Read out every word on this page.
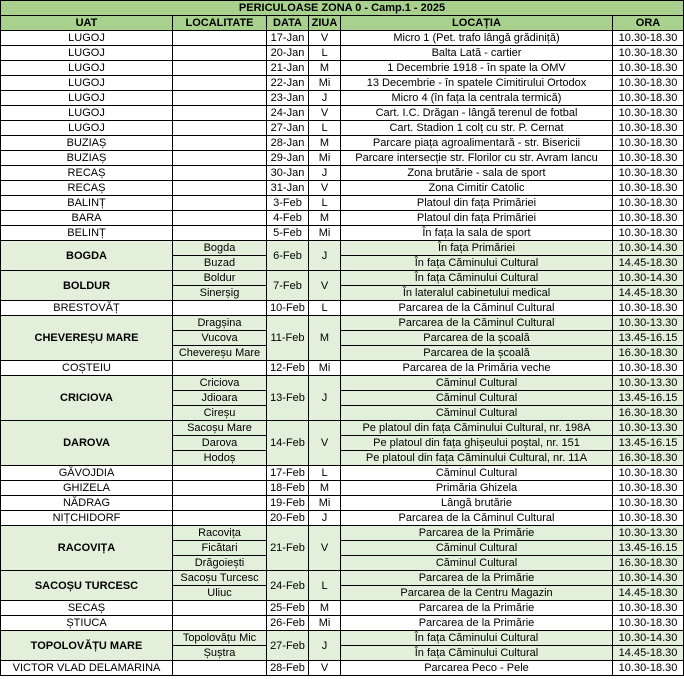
PERICULOASE ZONA 0 - Camp.1 - 2025					
UAT	LOCALITATE	DATA	ZIUA	LOCAȚIA	ORA
LUGOJ		17-Jan	V	Micro 1 (Pet. trafo lângă grădiniță)	10.30-18.30
LUGOJ		20-Jan	L	Balta Lată - cartier	10.30-18.30
LUGOJ		21-Jan	M	1 Decembrie 1918 - în spate la OMV	10.30-18.30
LUGOJ		22-Jan	Mi	13 Decembrie - în spatele Cimitirului Ortodox	10.30-18.30
LUGOJ		23-Jan	J	Micro 4 (în fața la centrala termică)	10.30-18.30
LUGOJ		24-Jan	V	Cart. I.C. Drăgan - lângă terenul de fotbal	10.30-18.30
LUGOJ		27-Jan	L	Cart. Stadion 1 colț cu str. P. Cernat	10.30-18.30
BUZIAȘ		28-Jan	M	Parcare piața agroalimentară - str. Bisericii	10.30-18.30
BUZIAȘ		29-Jan	Mi	Parcare intersecție str. Florilor cu str. Avram Iancu	10.30-18.30
RECAȘ		30-Jan	J	Zona brutărie - sala de sport	10.30-18.30
RECAȘ		31-Jan	V	Zona Cimitir Catolic	10.30-18.30
BALINȚ		3-Feb	L	Platoul din fața Primăriei	10.30-18.30
BARA		4-Feb	M	Platoul din fața Primăriei	10.30-18.30
BELINȚ		5-Feb	Mi	În fața la sala de sport	10.30-18.30
BOGDA	Bogda	6-Feb	J	În fața Primăriei	10.30-14.30
	Buzad			În fața Căminului Cultural	14.45-18.30
BOLDUR	Boldur	7-Feb	V	În fața Căminului Cultural	10.30-14.30
	Sinerșig			În lateralul cabinetului medical	14.45-18.30
BRESTOVĂȚ		10-Feb	L	Parcarea de la Căminul Cultural	10.30-18.30
CHEVEREȘU MARE	Dragșina	11-Feb	M	Parcarea de la Căminul Cultural	10.30-13.30
	Vucova			Parcarea de la școală	13.45-16.15
	Chevereșu Mare			Parcarea de la școală	16.30-18.30
COȘTEIU		12-Feb	Mi	Parcarea de la Primăria veche	10.30-18.30
CRICIOVA	Criciova	13-Feb	J	Căminul Cultural	10.30-13.30
	Jdioara			Căminul Cultural	13.45-16.15
	Cireșu			Căminul Cultural	16.30-18.30
DAROVA	Sacoșu Mare	14-Feb	V	Pe platoul din fața Căminului Cultural, nr. 198A	10.30-13.30
	Darova			Pe platoul din fața ghișeului poștal, nr. 151	13.45-16.15
	Hodoș			Pe platoul din fața Căminului Cultural, nr. 11A	16.30-18.30
GĂVOJDIA		17-Feb	L	Căminul Cultural	10.30-18.30
GHIZELA		18-Feb	M	Primăria Ghizela	10.30-18.30
NĂDRAG		19-Feb	Mi	Lângă brutărie	10.30-18.30
NIȚCHIDORF		20-Feb	J	Parcarea de la Căminul Cultural	10.30-18.30
RACOVIȚA	Racovița	21-Feb	V	Parcarea de la Primărie	10.30-13.30
	Ficătari			Căminul Cultural	13.45-16.15
	Drăgoiești			Căminul Cultural	16.30-18.30
SACOȘU TURCESC	Sacoșu Turcesc	24-Feb	L	Parcarea de la Primărie	10.30-14.30
	Uliuc			Parcarea de la Centru Magazin	14.45-18.30
SECAȘ		25-Feb	M	Parcarea de la Primărie	10.30-18.30
ȘTIUCA		26-Feb	Mi	Parcarea de la Primărie	10.30-18.30
TOPOLOVĂȚU MARE	Topolovățu Mic	27-Feb	J	În fața Căminului Cultural	10.30-14.30
	Șuștra			În fața Căminului Cultural	14.45-18.30
VICTOR VLAD DELAMARINA		28-Feb	V	Parcarea Peco - Pele	10.30-18.30
